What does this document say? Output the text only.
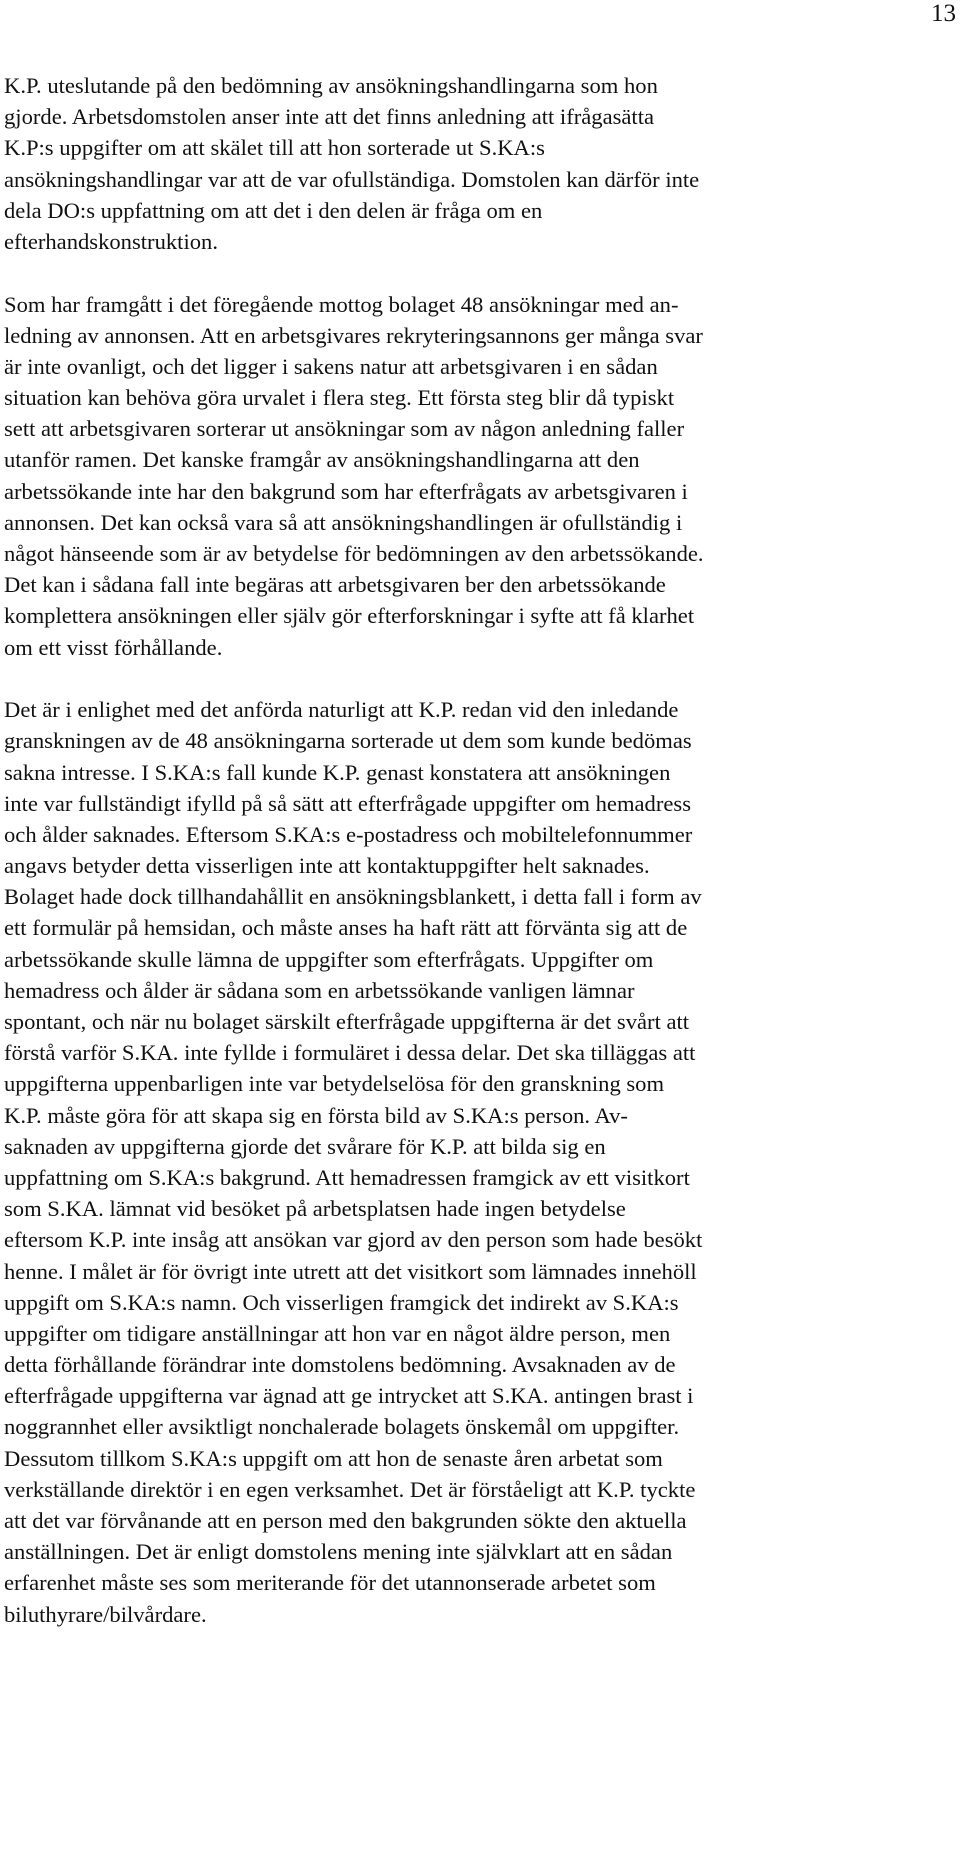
13
K.P. uteslutande på den bedömning av ansökningshandlingarna som hon
gjorde. Arbetsdomstolen anser inte att det finns anledning att ifrågasätta
K.P:s uppgifter om att skälet till att hon sorterade ut S.KA:s
ansökningshandlingar var att de var ofullständiga. Domstolen kan därför inte
dela DO:s uppfattning om att det i den delen är fråga om en
efterhandskonstruktion.
Som har framgått i det föregående mottog bolaget 48 ansökningar med an-
ledning av annonsen. Att en arbetsgivares rekryteringsannons ger många svar
är inte ovanligt, och det ligger i sakens natur att arbetsgivaren i en sådan
situation kan behöva göra urvalet i flera steg. Ett första steg blir då typiskt
sett att arbetsgivaren sorterar ut ansökningar som av någon anledning faller
utanför ramen. Det kanske framgår av ansökningshandlingarna att den
arbetssökande inte har den bakgrund som har efterfrågats av arbetsgivaren i
annonsen. Det kan också vara så att ansökningshandlingen är ofullständig i
något hänseende som är av betydelse för bedömningen av den arbetssökande.
Det kan i sådana fall inte begäras att arbetsgivaren ber den arbetssökande
komplettera ansökningen eller själv gör efterforskningar i syfte att få klarhet
om ett visst förhållande.
Det är i enlighet med det anförda naturligt att K.P. redan vid den inledande
granskningen av de 48 ansökningarna sorterade ut dem som kunde bedömas
sakna intresse. I S.KA:s fall kunde K.P. genast konstatera att ansökningen
inte var fullständigt ifylld på så sätt att efterfrågade uppgifter om hemadress
och ålder saknades. Eftersom S.KA:s e-postadress och mobiltelefonnummer
angavs betyder detta visserligen inte att kontaktuppgifter helt saknades.
Bolaget hade dock tillhandahållit en ansökningsblankett, i detta fall i form av
ett formulär på hemsidan, och måste anses ha haft rätt att förvänta sig att de
arbetssökande skulle lämna de uppgifter som efterfrågats. Uppgifter om
hemadress och ålder är sådana som en arbetssökande vanligen lämnar
spontant, och när nu bolaget särskilt efterfrågade uppgifterna är det svårt att
förstå varför S.KA. inte fyllde i formuläret i dessa delar. Det ska tilläggas att
uppgifterna uppenbarligen inte var betydelselösa för den granskning som
K.P. måste göra för att skapa sig en första bild av S.KA:s person. Av-
saknaden av uppgifterna gjorde det svårare för K.P. att bilda sig en
uppfattning om S.KA:s bakgrund. Att hemadressen framgick av ett visitkort
som S.KA. lämnat vid besöket på arbetsplatsen hade ingen betydelse
eftersom K.P. inte insåg att ansökan var gjord av den person som hade besökt
henne. I målet är för övrigt inte utrett att det visitkort som lämnades innehöll
uppgift om S.KA:s namn. Och visserligen framgick det indirekt av S.KA:s
uppgifter om tidigare anställningar att hon var en något äldre person, men
detta förhållande förändrar inte domstolens bedömning. Avsaknaden av de
efterfrågade uppgifterna var ägnad att ge intrycket att S.KA. antingen brast i
noggrannhet eller avsiktligt nonchalerade bolagets önskemål om uppgifter.
Dessutom tillkom S.KA:s uppgift om att hon de senaste åren arbetat som
verkställande direktör i en egen verksamhet. Det är förståeligt att K.P. tyckte
att det var förvånande att en person med den bakgrunden sökte den aktuella
anställningen. Det är enligt domstolens mening inte självklart att en sådan
erfarenhet måste ses som meriterande för det utannonserade arbetet som
biluthyrare/bilvårdare.
